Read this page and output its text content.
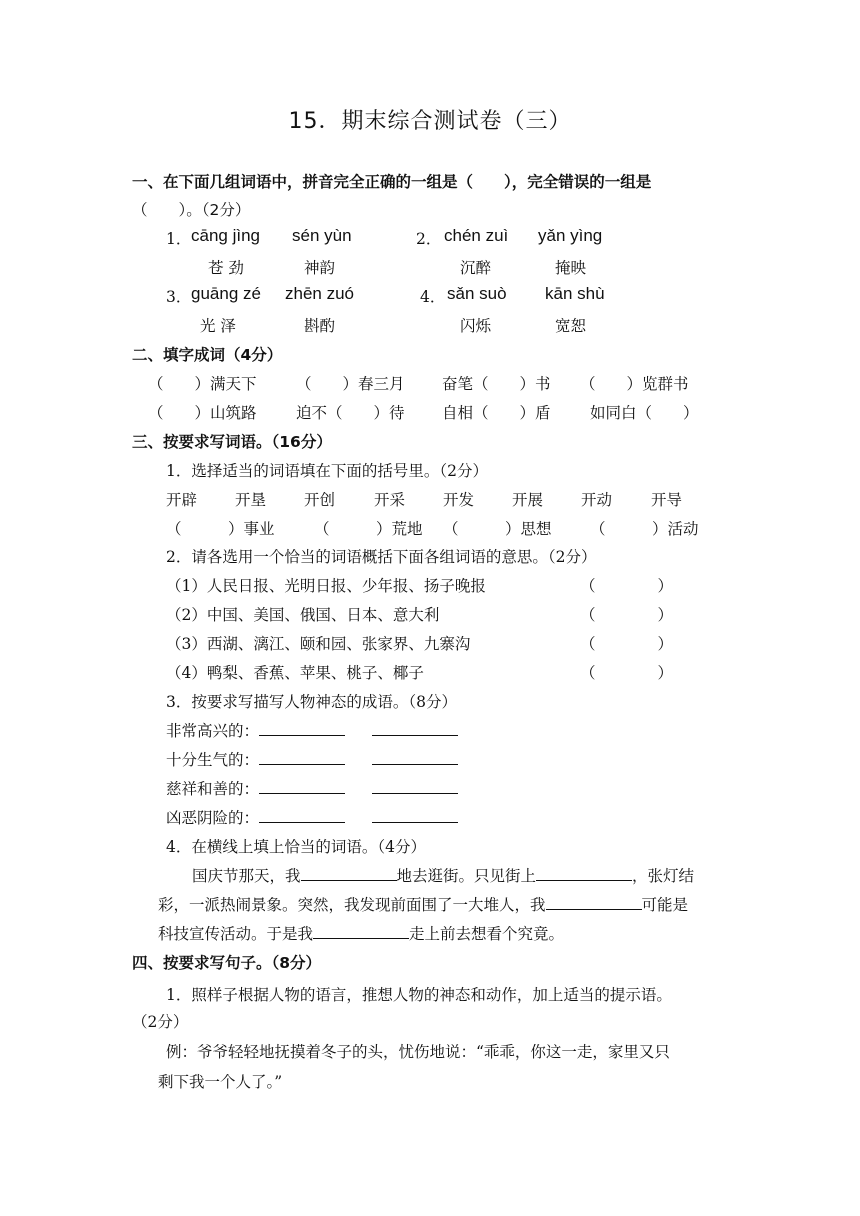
15．期末综合测试卷（三）
一、在下面几组词语中，拼音完全正确的一组是（　　），完全错误的一组是
（　　）。（2分）
1． cāng jìng sén yùn	2． chén zuì yǎn yìng
苍 劲	神韵	沉醉	掩映
3． guāng zé zhēn zuó	4． sǎn suò kān shù
光 泽	斟酌	闪烁	宽恕
二、填字成词（4分）
（　　）满天下	（　　）春三月 奋笔（　　）书 （　　）览群书
（　　）山筑路	迫不（　　）待 自相（　　）盾	如同白（　　）
三、按要求写词语。（16分）
1．选择适当的词语填在下面的括号里。（2分）
开辟 开垦 开创	开采 开发 开展 开动	开导
（　　　）事业	（　　　）荒地 （　　　）思想 （　　　）活动
2．请各选用一个恰当的词语概括下面各组词语的意思。（2分）
（1）人民日报、光明日报、少年报、扬子晚报	（　　　　）
（2）中国、美国、俄国、日本、意大利	（　　　　）
（3）西湖、漓江、颐和园、张家界、九寨沟	（　　　　）
（4）鸭梨、香蕉、苹果、桃子、椰子	（　　　　）
3．按要求写描写人物神态的成语。（8分）
非常高兴的：
十分生气的：
慈祥和善的：
凶恶阴险的：
4．在横线上填上恰当的词语。（4分）
国庆节那天，我	地去逛街。只见街上	，张灯结
彩，一派热闹景象。突然，我发现前面围了一大堆人，我	可能是
科技宣传活动。于是我	走上前去想看个究竟。
四、按要求写句子。（8分）
1．照样子根据人物的语言，推想人物的神态和动作，加上适当的提示语。
（2分）
例：爷爷轻轻地抚摸着冬子的头，忧伤地说：“乖乖，你这一走，家里又只
剩下我一个人了。”
